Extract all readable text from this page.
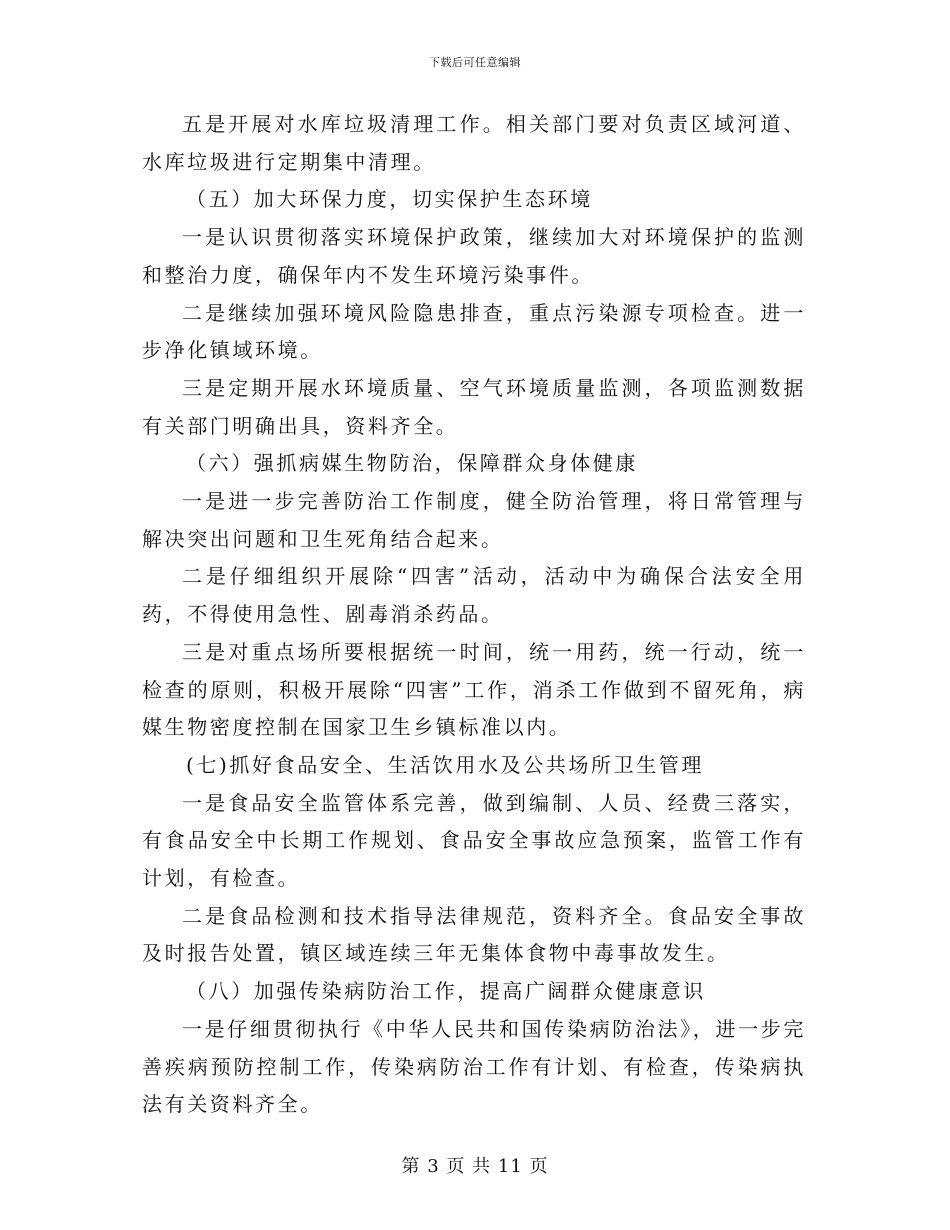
下载后可任意编辑

五是开展对水库垃圾清理工作。相关部门要对负责区域河道、水库垃圾进行定期集中清理。

（五）加大环保力度，切实保护生态环境

一是认识贯彻落实环境保护政策，继续加大对环境保护的监测和整治力度，确保年内不发生环境污染事件。

二是继续加强环境风险隐患排查，重点污染源专项检查。进一步净化镇域环境。

三是定期开展水环境质量、空气环境质量监测，各项监测数据有关部门明确出具，资料齐全。

（六）强抓病媒生物防治，保障群众身体健康

一是进一步完善防治工作制度，健全防治管理，将日常管理与解决突出问题和卫生死角结合起来。

二是仔细组织开展除“四害”活动，活动中为确保合法安全用药，不得使用急性、剧毒消杀药品。

三是对重点场所要根据统一时间，统一用药，统一行动，统一检查的原则，积极开展除“四害”工作，消杀工作做到不留死角，病媒生物密度控制在国家卫生乡镇标准以内。

(七)抓好食品安全、生活饮用水及公共场所卫生管理

一是食品安全监管体系完善，做到编制、人员、经费三落实，有食品安全中长期工作规划、食品安全事故应急预案，监管工作有计划，有检查。

二是食品检测和技术指导法律规范，资料齐全。食品安全事故及时报告处置，镇区域连续三年无集体食物中毒事故发生。

（八）加强传染病防治工作，提高广阔群众健康意识

一是仔细贯彻执行《中华人民共和国传染病防治法》，进一步完善疾病预防控制工作，传染病防治工作有计划、有检查，传染病执法有关资料齐全。

第 3 页 共 11 页
